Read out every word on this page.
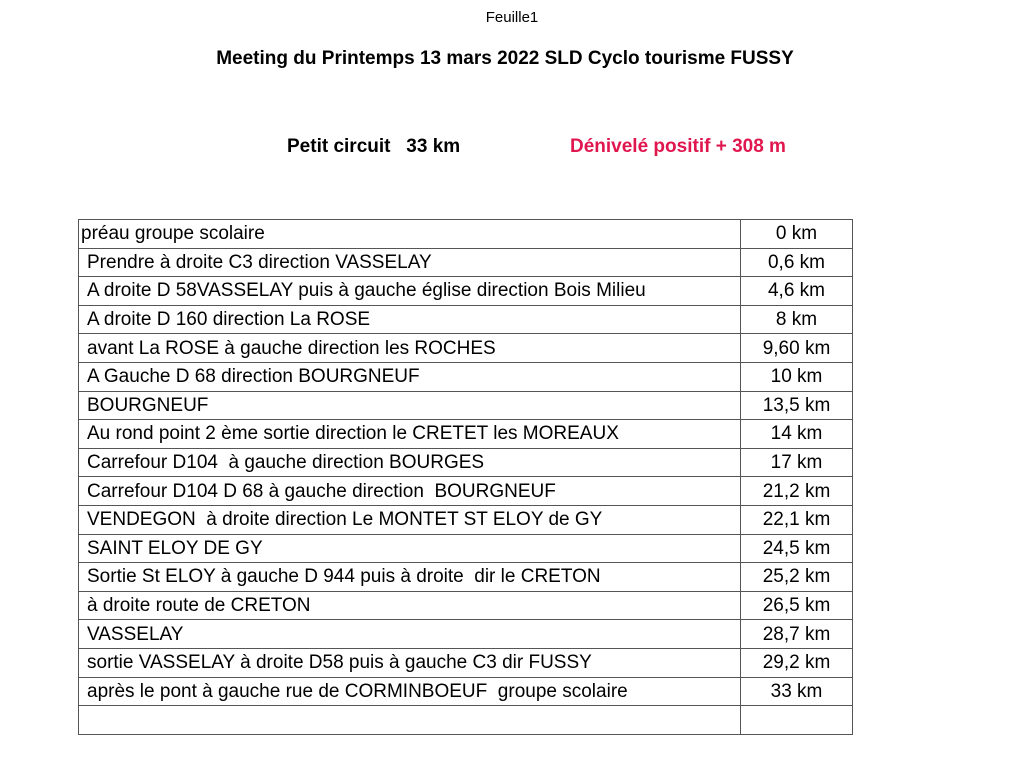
Feuille1
Meeting du Printemps 13 mars 2022 SLD Cyclo tourisme FUSSY
Petit circuit   33 km	Dénivelé positif + 308 m
préau groupe scolaire	0 km
Prendre à droite C3 direction VASSELAY	0,6 km
A droite D 58VASSELAY puis à gauche église direction Bois Milieu	4,6 km
A droite D 160 direction La ROSE	8 km
avant La ROSE à gauche direction les ROCHES	9,60 km
A Gauche D 68 direction BOURGNEUF	10 km
BOURGNEUF	13,5 km
Au rond point 2 ème sortie direction le CRETET les MOREAUX	14 km
Carrefour D104  à gauche direction BOURGES	17 km
Carrefour D104 D 68 à gauche direction  BOURGNEUF	21,2 km
VENDEGON  à droite direction Le MONTET ST ELOY de GY	22,1 km
SAINT ELOY DE GY	24,5 km
Sortie St ELOY à gauche D 944 puis à droite  dir le CRETON	25,2 km
à droite route de CRETON	26,5 km
VASSELAY	28,7 km
sortie VASSELAY à droite D58 puis à gauche C3 dir FUSSY	29,2 km
après le pont à gauche rue de CORMINBOEUF  groupe scolaire	33 km
